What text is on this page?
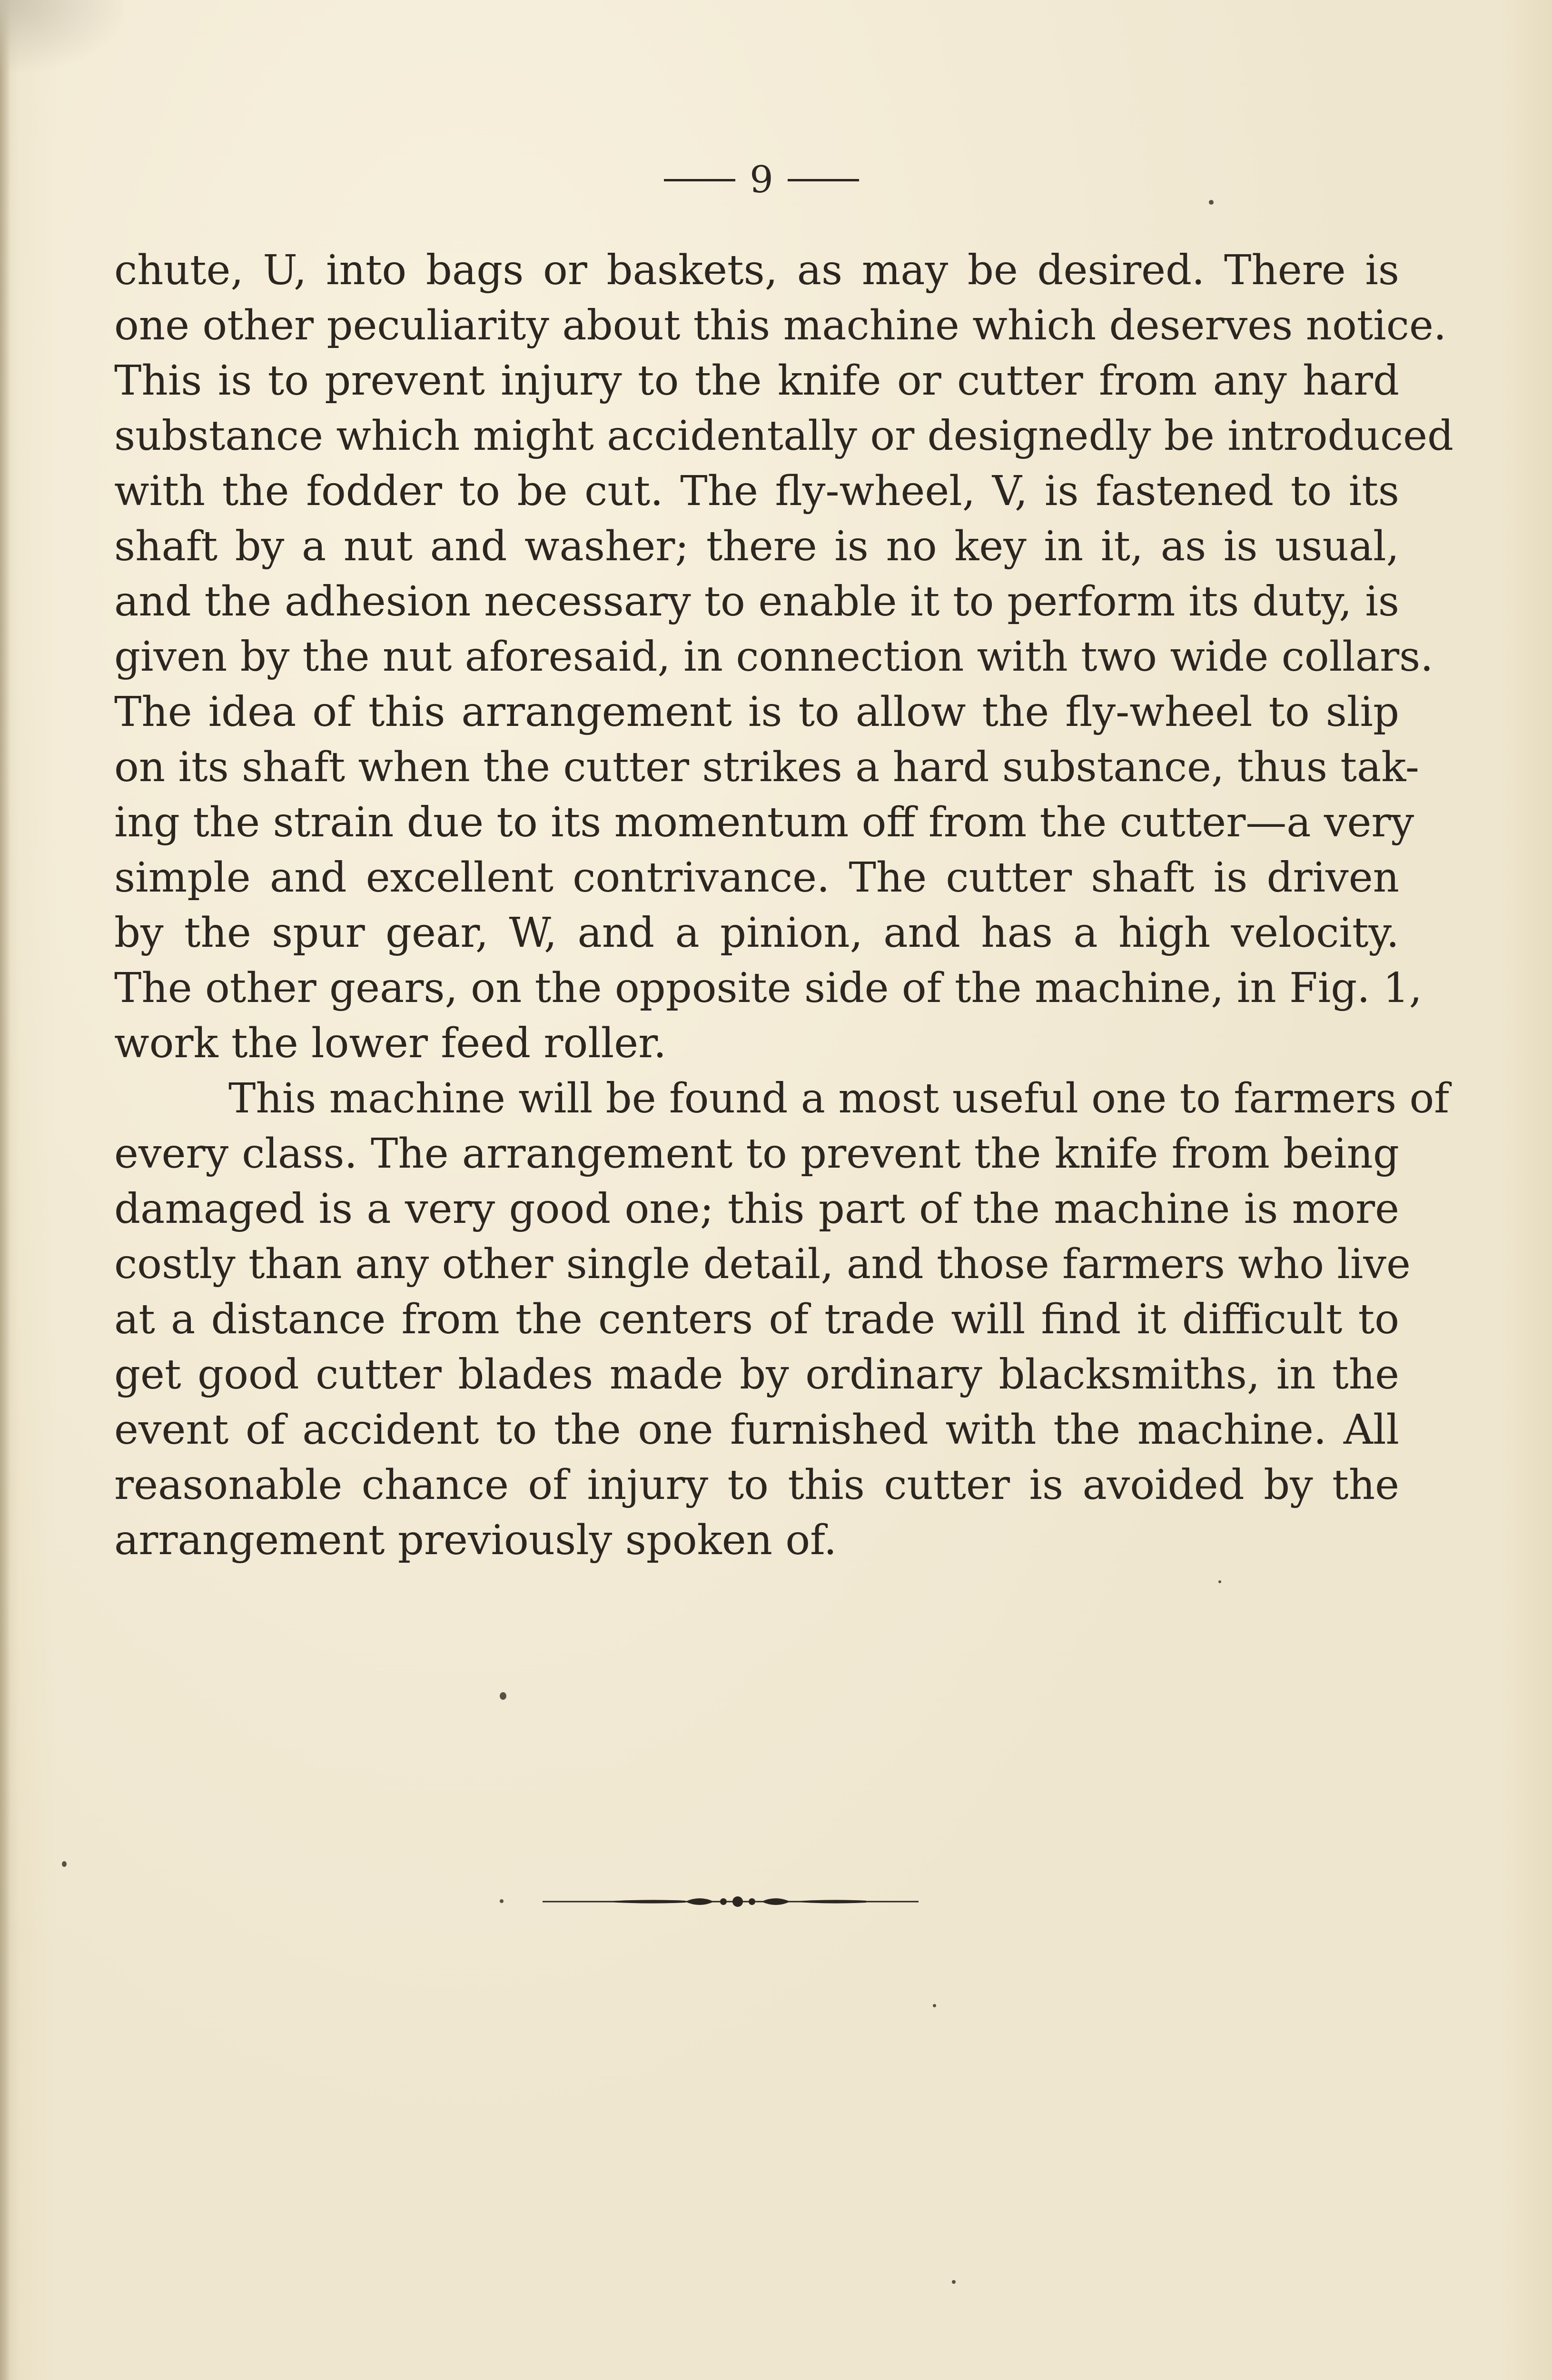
9
chute, U, into bags or baskets, as may be desired. There is
one other peculiarity about this machine which deserves notice.
This is to prevent injury to the knife or cutter from any hard
substance which might accidentally or designedly be introduced
with the fodder to be cut. The fly-wheel, V, is fastened to its
shaft by a nut and washer; there is no key in it, as is usual,
and the adhesion necessary to enable it to perform its duty, is
given by the nut aforesaid, in connection with two wide collars.
The idea of this arrangement is to allow the fly-wheel to slip
on its shaft when the cutter strikes a hard substance, thus tak-
ing the strain due to its momentum off from the cutter—a very
simple and excellent contrivance. The cutter shaft is driven
by the spur gear, W, and a pinion, and has a high velocity.
The other gears, on the opposite side of the machine, in Fig. 1,
work the lower feed roller.
This machine will be found a most useful one to farmers of
every class. The arrangement to prevent the knife from being
damaged is a very good one; this part of the machine is more
costly than any other single detail, and those farmers who live
at a distance from the centers of trade will find it difficult to
get good cutter blades made by ordinary blacksmiths, in the
event of accident to the one furnished with the machine. All
reasonable chance of injury to this cutter is avoided by the
arrangement previously spoken of.
